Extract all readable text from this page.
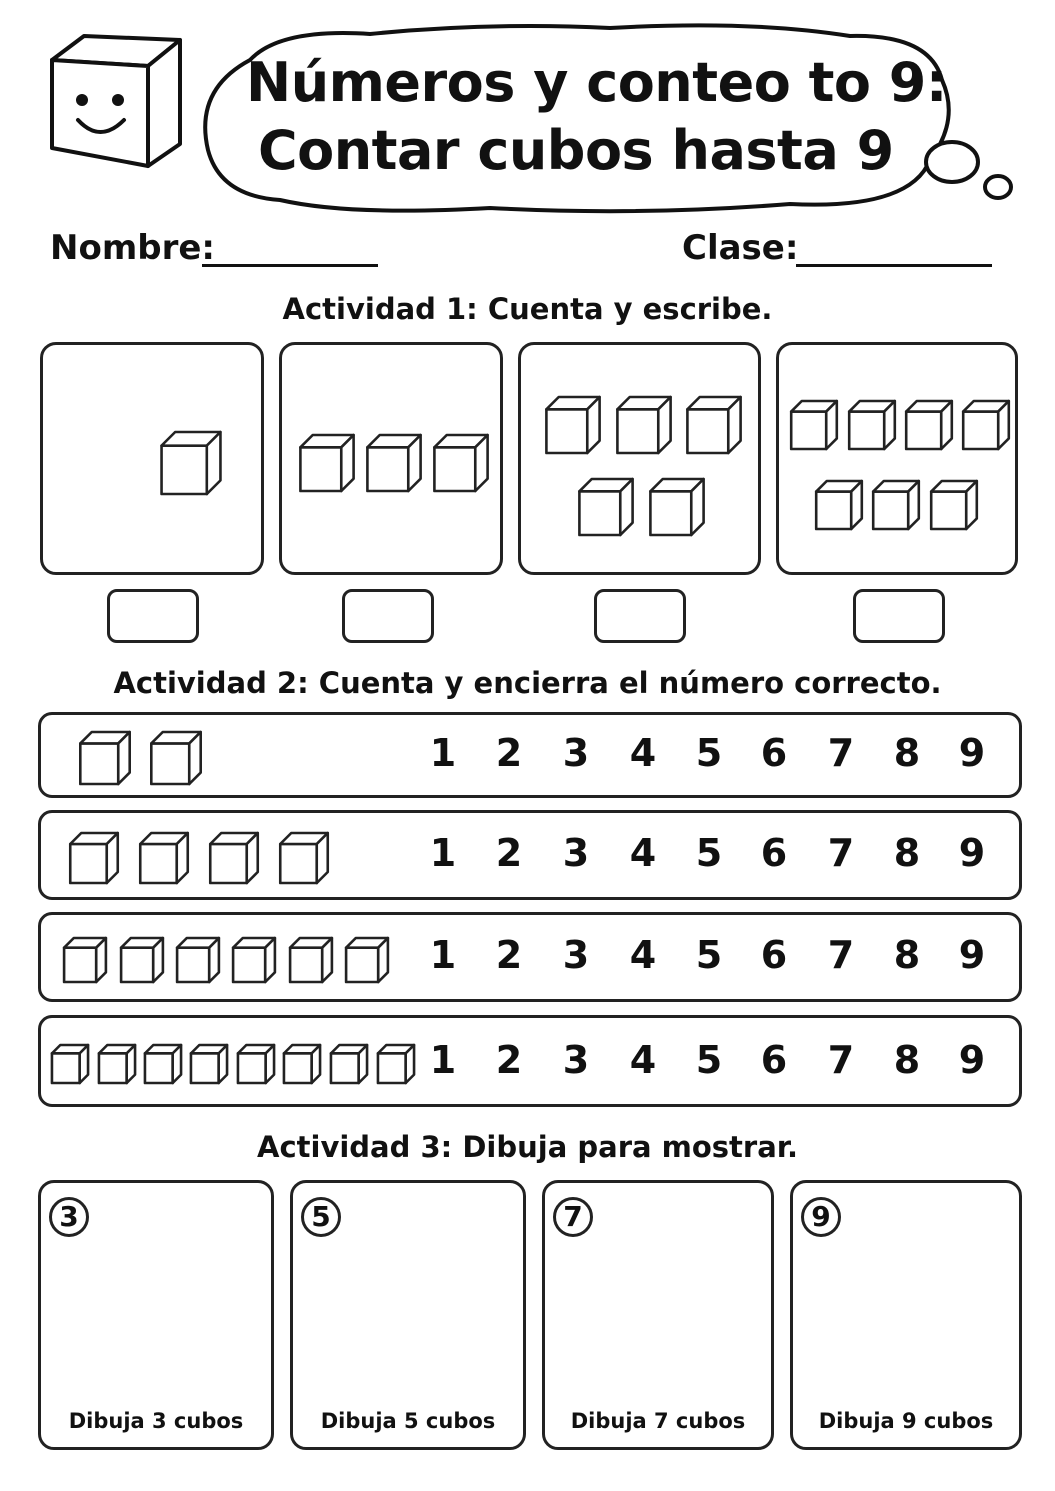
Números y conteo to 9:
Contar cubos hasta 9
Nombre:	Clase:
Actividad 1: Cuenta y escribe.
Actividad 2: Cuenta y encierra el número correcto.
1 2 3 4 5 6 7 8 9
1 2 3 4 5 6 7 8 9
1 2 3 4 5 6 7 8 9
1 2 3 4 5 6 7 8 9
Actividad 3: Dibuja para mostrar.
3
Dibuja 3 cubos
5
Dibuja 5 cubos
7
Dibuja 7 cubos
9
Dibuja 9 cubos
